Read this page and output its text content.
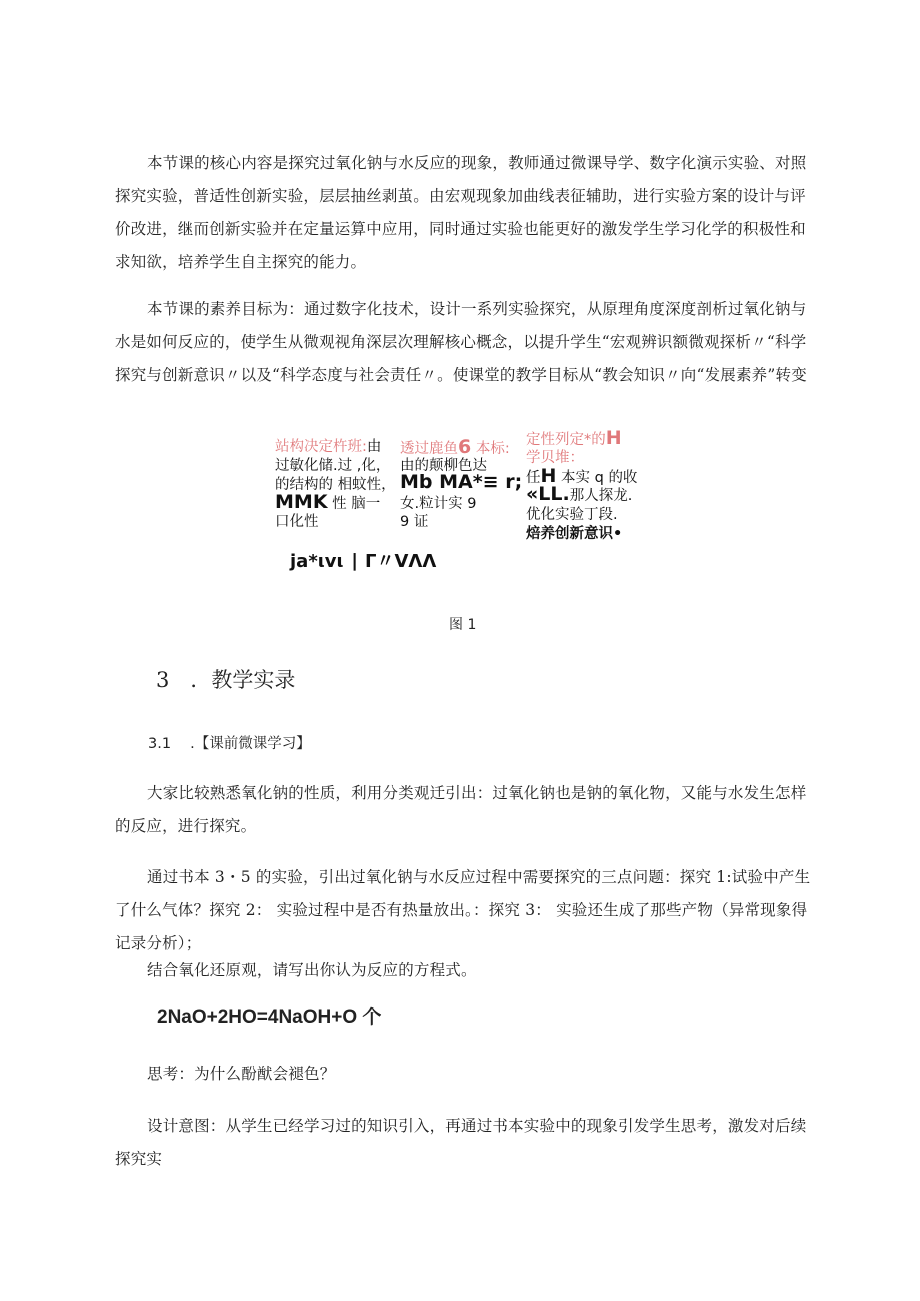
本节课的核心内容是探究过氧化钠与水反应的现象，教师通过微课导学、数字化演示实验、对照探究实验，普适性创新实验，层层抽丝剥茧。由宏观现象加曲线表征辅助，进行实验方案的设计与评价改进，继而创新实验并在定量运算中应用，同时通过实验也能更好的激发学生学习化学的积极性和求知欲，培养学生自主探究的能力。

本节课的素养目标为：通过数字化技术，设计一系列实验探究，从原理角度深度剖析过氧化钠与水是如何反应的，使学生从微观视角深层次理解核心概念，以提升学生“宏观辨识额微观探析〃“科学探究与创新意识〃以及“科学态度与社会责任〃。使课堂的教学目标从“教会知识〃向“发展素养”转变

站构决定杵班:由
过敏化储.过 ,化，
的结构的 相蚊性，
MMK 性 脑一
口化性
透过鹿鱼6 本标:
由的颠柳色达
Mb MA*≡ r;
女.粒计实 9
9 证
定性列定*的H
学贝堆：
任H 本实 q 的收
«LL.那人探龙.
优化实验丁段.
焙养创新意识•
ja*ιvι ∣ Γ〃VΛΛ
图 1
3　．教学实录
3.1　 .【课前微课学习】

大家比较熟悉氧化钠的性质，利用分类观迁引出：过氧化钠也是钠的氧化物，又能与水发生怎样的反应，进行探究。

通过书本 3・5 的实验，引出过氧化钠与水反应过程中需要探究的三点问题：探究 1:试验中产生了什么气体？探究 2： 实验过程中是否有热量放出。：探究 3： 实验还生成了那些产物（异常现象得记录分析）；

结合氧化还原观，请写出你认为反应的方程式。

2NaO+2HO=4NaOH+O 个

思考：为什么酚猷会褪色？

设计意图：从学生已经学习过的知识引入，再通过书本实验中的现象引发学生思考，激发对后续探究实
